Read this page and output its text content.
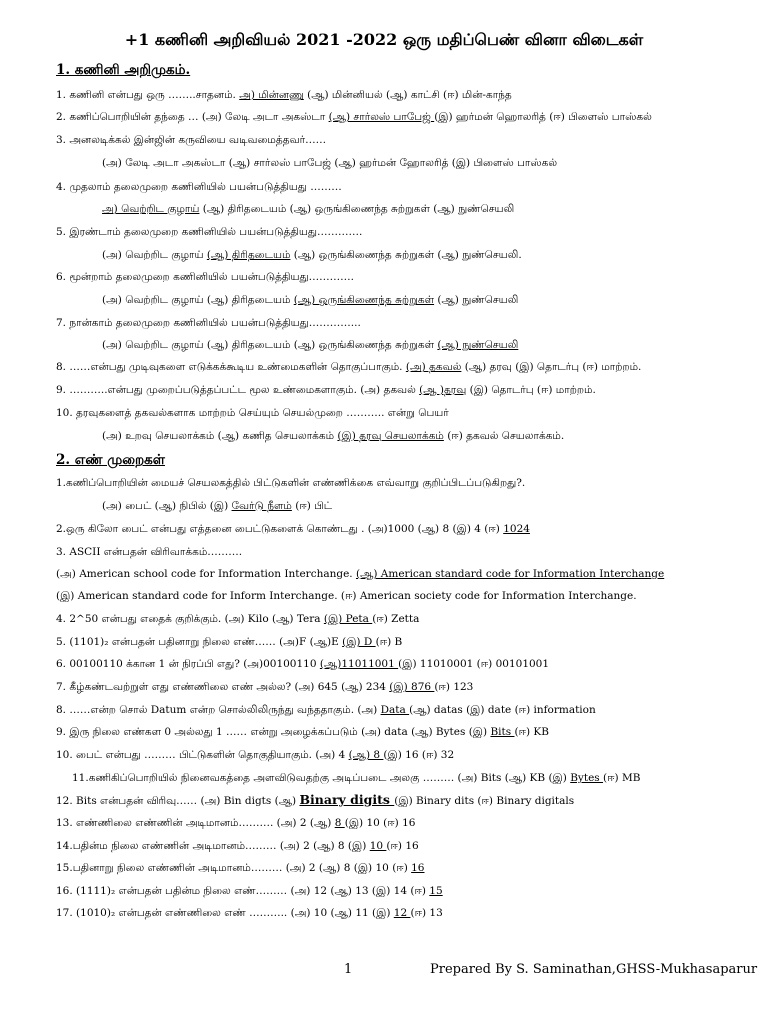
+1 கணினி அறிவியல் 2021 -2022 ஒரு மதிப்பெண் வினா விடைகள்
1. கணினி அறிமுகம்.
1. கணினி என்பது ஒரு ……..சாதனம். அ) மின்னணு (ஆ) மின்னியல் (ஆ) காட்சி (ஈ) மின்-காந்த
2. கணிப்பொறியின் தந்தை … (அ) லேடி அடா அகஸ்டா (ஆ) சார்லஸ் பாபேஜ் (இ) ஹர்மன் ஹொலரித் (ஈ) பிளைஸ் பாஸ்கல்
3. அனலடிக்கல் இன்ஜின் கருவியை வடிவமைத்தவர்……
(அ) லேடி அடா அகஸ்டா (ஆ) சார்லஸ் பாபேஜ் (ஆ) ஹர்மன் ஹோலரித் (இ) பிளைஸ் பாஸ்கல்
4. முதலாம் தலைமுறை கணினியில் பயன்படுத்தியது ………
அ) வெற்றிட குழாய் (ஆ) திரிதடையம் (ஆ) ஒருங்கிணைந்த சுற்றுகள் (ஆ) நுண்செயலி
5. இரண்டாம் தலைமுறை கணினியில் பயன்படுத்தியது………….
(அ) வெற்றிட குழாய் (ஆ) திரிதடையம் (ஆ) ஒருங்கிணைந்த சுற்றுகள் (ஆ) நுண்செயலி.
6. மூன்றாம் தலைமுறை கணினியில் பயன்படுத்தியது………….
(அ) வெற்றிட குழாய் (ஆ) திரிதடையம் (ஆ) ஒருங்கிணைந்த சுற்றுகள் (ஆ) நுண்செயலி
7. நான்காம் தலைமுறை கணினியில் பயன்படுத்தியது…………...
(அ) வெற்றிட குழாய் (ஆ) திரிதடையம் (ஆ) ஒருங்கிணைந்த சுற்றுகள் (ஆ) நுண்செயலி
8. ……என்பது முடிவுகளை எடுக்கக்கூடிய உண்மைகளின் தொகுப்பாகும். (அ) தகவல் (ஆ) தரவு (இ) தொடர்பு (ஈ) மாற்றம்.
9. ………..என்பது முறைப்படுத்தப்பட்ட மூல உண்மைகளாகும். (அ) தகவல் (ஆ )தரவு (இ) தொடர்பு (ஈ) மாற்றம்.
10. தரவுகளைத் தகவல்களாக மாற்றம் செய்யும் செயல்முறை ……….. என்று பெயர்
(அ) உறவு செயலாக்கம் (ஆ) கணித செயலாக்கம் (இ) தரவு செயலாக்கம் (ஈ) தகவல் செயலாக்கம்.
2. எண் முறைகள்
1.கணிப்பொறியின் மையச் செயலகத்தில் பிட்டுகளின் எண்ணிக்கை எவ்வாறு குறிப்பிடப்படுகிறது?.
(அ) பைட் (ஆ) நிபில் (இ) வேர்டு நீளம் (ஈ) பிட்
2.ஒரு கிலோ பைட் என்பது எத்தனை பைட்டுகளைக் கொண்டது . (அ)1000 (ஆ) 8 (இ) 4 (ஈ) 1024
3. ASCII என்பதன் விரிவாக்கம்……….
(அ) American school code for Information Interchange. (ஆ) American standard code for Information Interchange
(இ) American standard code for Inform Interchange. (ஈ) American society code for Information Interchange.
4. 2^50 என்பது எதைக் குறிக்கும். (அ) Kilo (ஆ) Tera (இ) Peta (ஈ) Zetta
5. (1101)₂ என்பதன் பதினாறு நிலை எண்…… (அ)F (ஆ)E (இ) D (ஈ) B
6. 00100110 க்கான 1 ன் நிரப்பி எது? (அ)00100110 (ஆ)11011001 (இ) 11010001 (ஈ) 00101001
7. கீழ்கண்டவற்றுள் எது எண்ணிலை எண் அல்ல? (அ) 645 (ஆ) 234 (இ) 876 (ஈ) 123
8. ……என்ற சொல் Datum என்ற சொல்லிலிருந்து வந்ததாகும். (அ) Data (ஆ) datas (இ) date (ஈ) information
9. இரு நிலை எண்கள 0 அல்லது 1 …… என்று அழைக்கப்படும் (அ) data (ஆ) Bytes (இ) Bits (ஈ) KB
10. பைட் என்பது ……… பிட்டுகளின் தொகுதியாகும். (அ) 4 (ஆ) 8 (இ) 16 (ஈ) 32
11.கணிகிப்பொறியில் நினைவகத்தை அளவிடுவதற்கு அடிப்படை அலகு ……… (அ) Bits (ஆ) KB (இ) Bytes (ஈ) MB
12. Bits என்பதன் விரிவு…… (அ) Bin digts (ஆ) Binary digits (இ) Binary dits (ஈ) Binary digitals
13. எண்ணிலை எண்ணின் அடிமானம்………. (அ) 2 (ஆ) 8 (இ) 10 (ஈ) 16
14.பதின்ம நிலை எண்ணின் அடிமானம்……… (அ) 2 (ஆ) 8 (இ) 10 (ஈ) 16
15.பதினாறு நிலை எண்ணின் அடிமானம்……… (அ) 2 (ஆ) 8 (இ) 10 (ஈ) 16
16. (1111)₂ என்பதன் பதின்ம நிலை எண்……… (அ) 12 (ஆ) 13 (இ) 14 (ஈ) 15
17. (1010)₂ என்பதன் எண்ணிலை எண் ……….. (அ) 10 (ஆ) 11 (இ) 12 (ஈ) 13
1	Prepared By S. Saminathan,GHSS-Mukhasaparur
